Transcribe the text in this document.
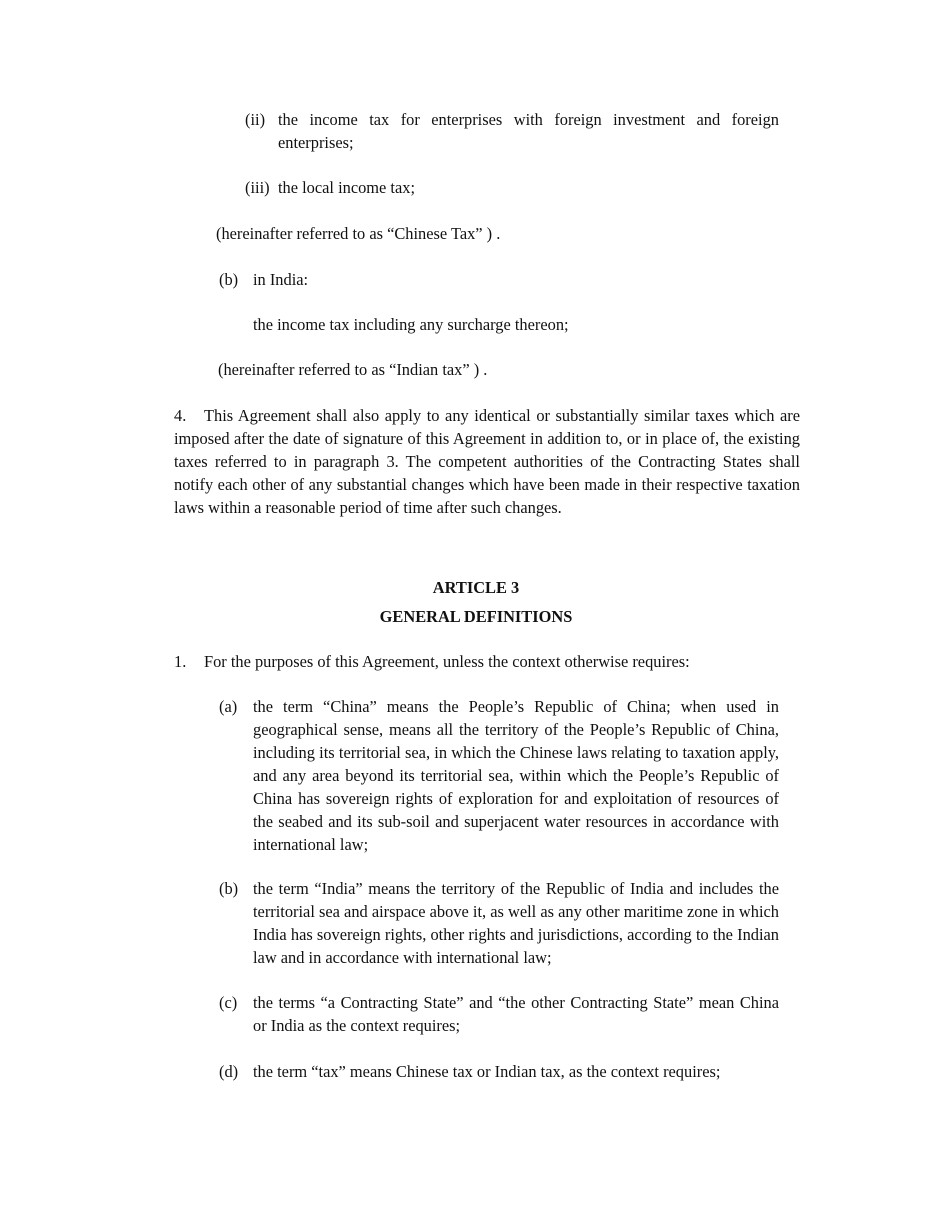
(ii) the income tax for enterprises with foreign investment and foreign enterprises;
(iii) the local income tax;
(hereinafter referred to as “Chinese Tax” ) .
(b) in India:
the income tax including any surcharge thereon;
(hereinafter referred to as “Indian tax” ) .
4.	This Agreement shall also apply to any identical or substantially similar taxes which are imposed after the date of signature of this Agreement in addition to, or in place of, the existing taxes referred to in paragraph 3. The competent authorities of the Contracting States shall notify each other of any substantial changes which have been made in their respective taxation laws within a reasonable period of time after such changes.
ARTICLE 3
GENERAL DEFINITIONS
1. For the purposes of this Agreement, unless the context otherwise requires:
(a) the term “China” means the People’s Republic of China; when used in geographical sense, means all the territory of the People’s Republic of China, including its territorial sea, in which the Chinese laws relating to taxation apply, and any area beyond its territorial sea, within which the People’s Republic of China has sovereign rights of exploration for and exploitation of resources of the seabed and its sub-soil and superjacent water resources in accordance with international law;
(b) the term “India” means the territory of the Republic of India and includes the territorial sea and airspace above it, as well as any other maritime zone in which India has sovereign rights, other rights and jurisdictions, according to the Indian law and in accordance with international law;
(c) the terms “a Contracting State” and “the other Contracting State” mean China or India as the context requires;
(d) the term “tax” means Chinese tax or Indian tax, as the context requires;
